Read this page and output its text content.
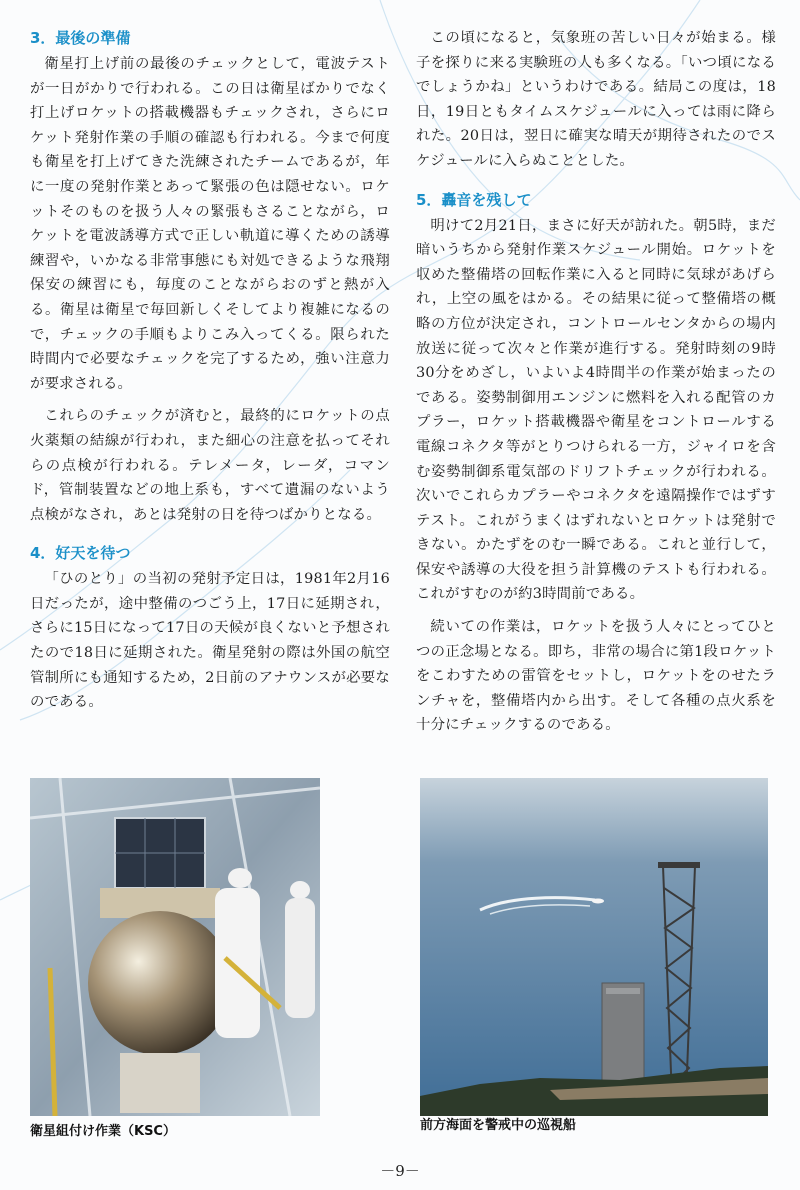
3．最後の準備

衛星打上げ前の最後のチェックとして，電波テストが一日がかりで行われる。この日は衛星ばかりでなく打上げロケットの搭載機器もチェックされ，さらにロケット発射作業の手順の確認も行われる。今まで何度も衛星を打上げてきた洗練されたチームであるが，年に一度の発射作業とあって緊張の色は隠せない。ロケットそのものを扱う人々の緊張もさることながら，ロケットを電波誘導方式で正しい軌道に導くための誘導練習や，いかなる非常事態にも対処できるような飛翔保安の練習にも，毎度のことながらおのずと熱が入る。衛星は衛星で毎回新しくそしてより複雑になるので，チェックの手順もよりこみ入ってくる。限られた時間内で必要なチェックを完了するため，強い注意力が要求される。

これらのチェックが済むと，最終的にロケットの点火薬類の結線が行われ，また細心の注意を払ってそれらの点検が行われる。テレメータ，レーダ，コマンド，管制装置などの地上系も，すべて遺漏のないよう点検がなされ，あとは発射の日を待つばかりとなる。

4．好天を待つ

「ひのとり」の当初の発射予定日は，1981年2月16日だったが，途中整備のつごう上，17日に延期され，さらに15日になって17日の天候が良くないと予想されたので18日に延期された。衛星発射の際は外国の航空管制所にも通知するため，2日前のアナウンスが必要なのである。

この頃になると，気象班の苦しい日々が始まる。様子を探りに来る実験班の人も多くなる。「いつ頃になるでしょうかね」というわけである。結局この度は，18日，19日ともタイムスケジュールに入っては雨に降られた。20日は，翌日に確実な晴天が期待されたのでスケジュールに入らぬこととした。

5．轟音を残して

明けて2月21日，まさに好天が訪れた。朝5時，まだ暗いうちから発射作業スケジュール開始。ロケットを収めた整備塔の回転作業に入ると同時に気球があげられ，上空の風をはかる。その結果に従って整備塔の概略の方位が決定され，コントロールセンタからの場内放送に従って次々と作業が進行する。発射時刻の9時30分をめざし，いよいよ4時間半の作業が始まったのである。姿勢制御用エンジンに燃料を入れる配管のカプラー，ロケット搭載機器や衛星をコントロールする電線コネクタ等がとりつけられる一方，ジャイロを含む姿勢制御系電気部のドリフトチェックが行われる。次いでこれらカプラーやコネクタを遠隔操作ではずすテスト。これがうまくはずれないとロケットは発射できない。かたずをのむ一瞬である。これと並行して，保安や誘導の大役を担う計算機のテストも行われる。これがすむのが約3時間前である。

続いての作業は，ロケットを扱う人々にとってひとつの正念場となる。即ち，非常の場合に第1段ロケットをこわすための雷管をセットし，ロケットをのせたランチャを，整備塔内から出す。そして各種の点火系を十分にチェックするのである。

衛星組付け作業（KSC）	前方海面を警戒中の巡視船
－9－
